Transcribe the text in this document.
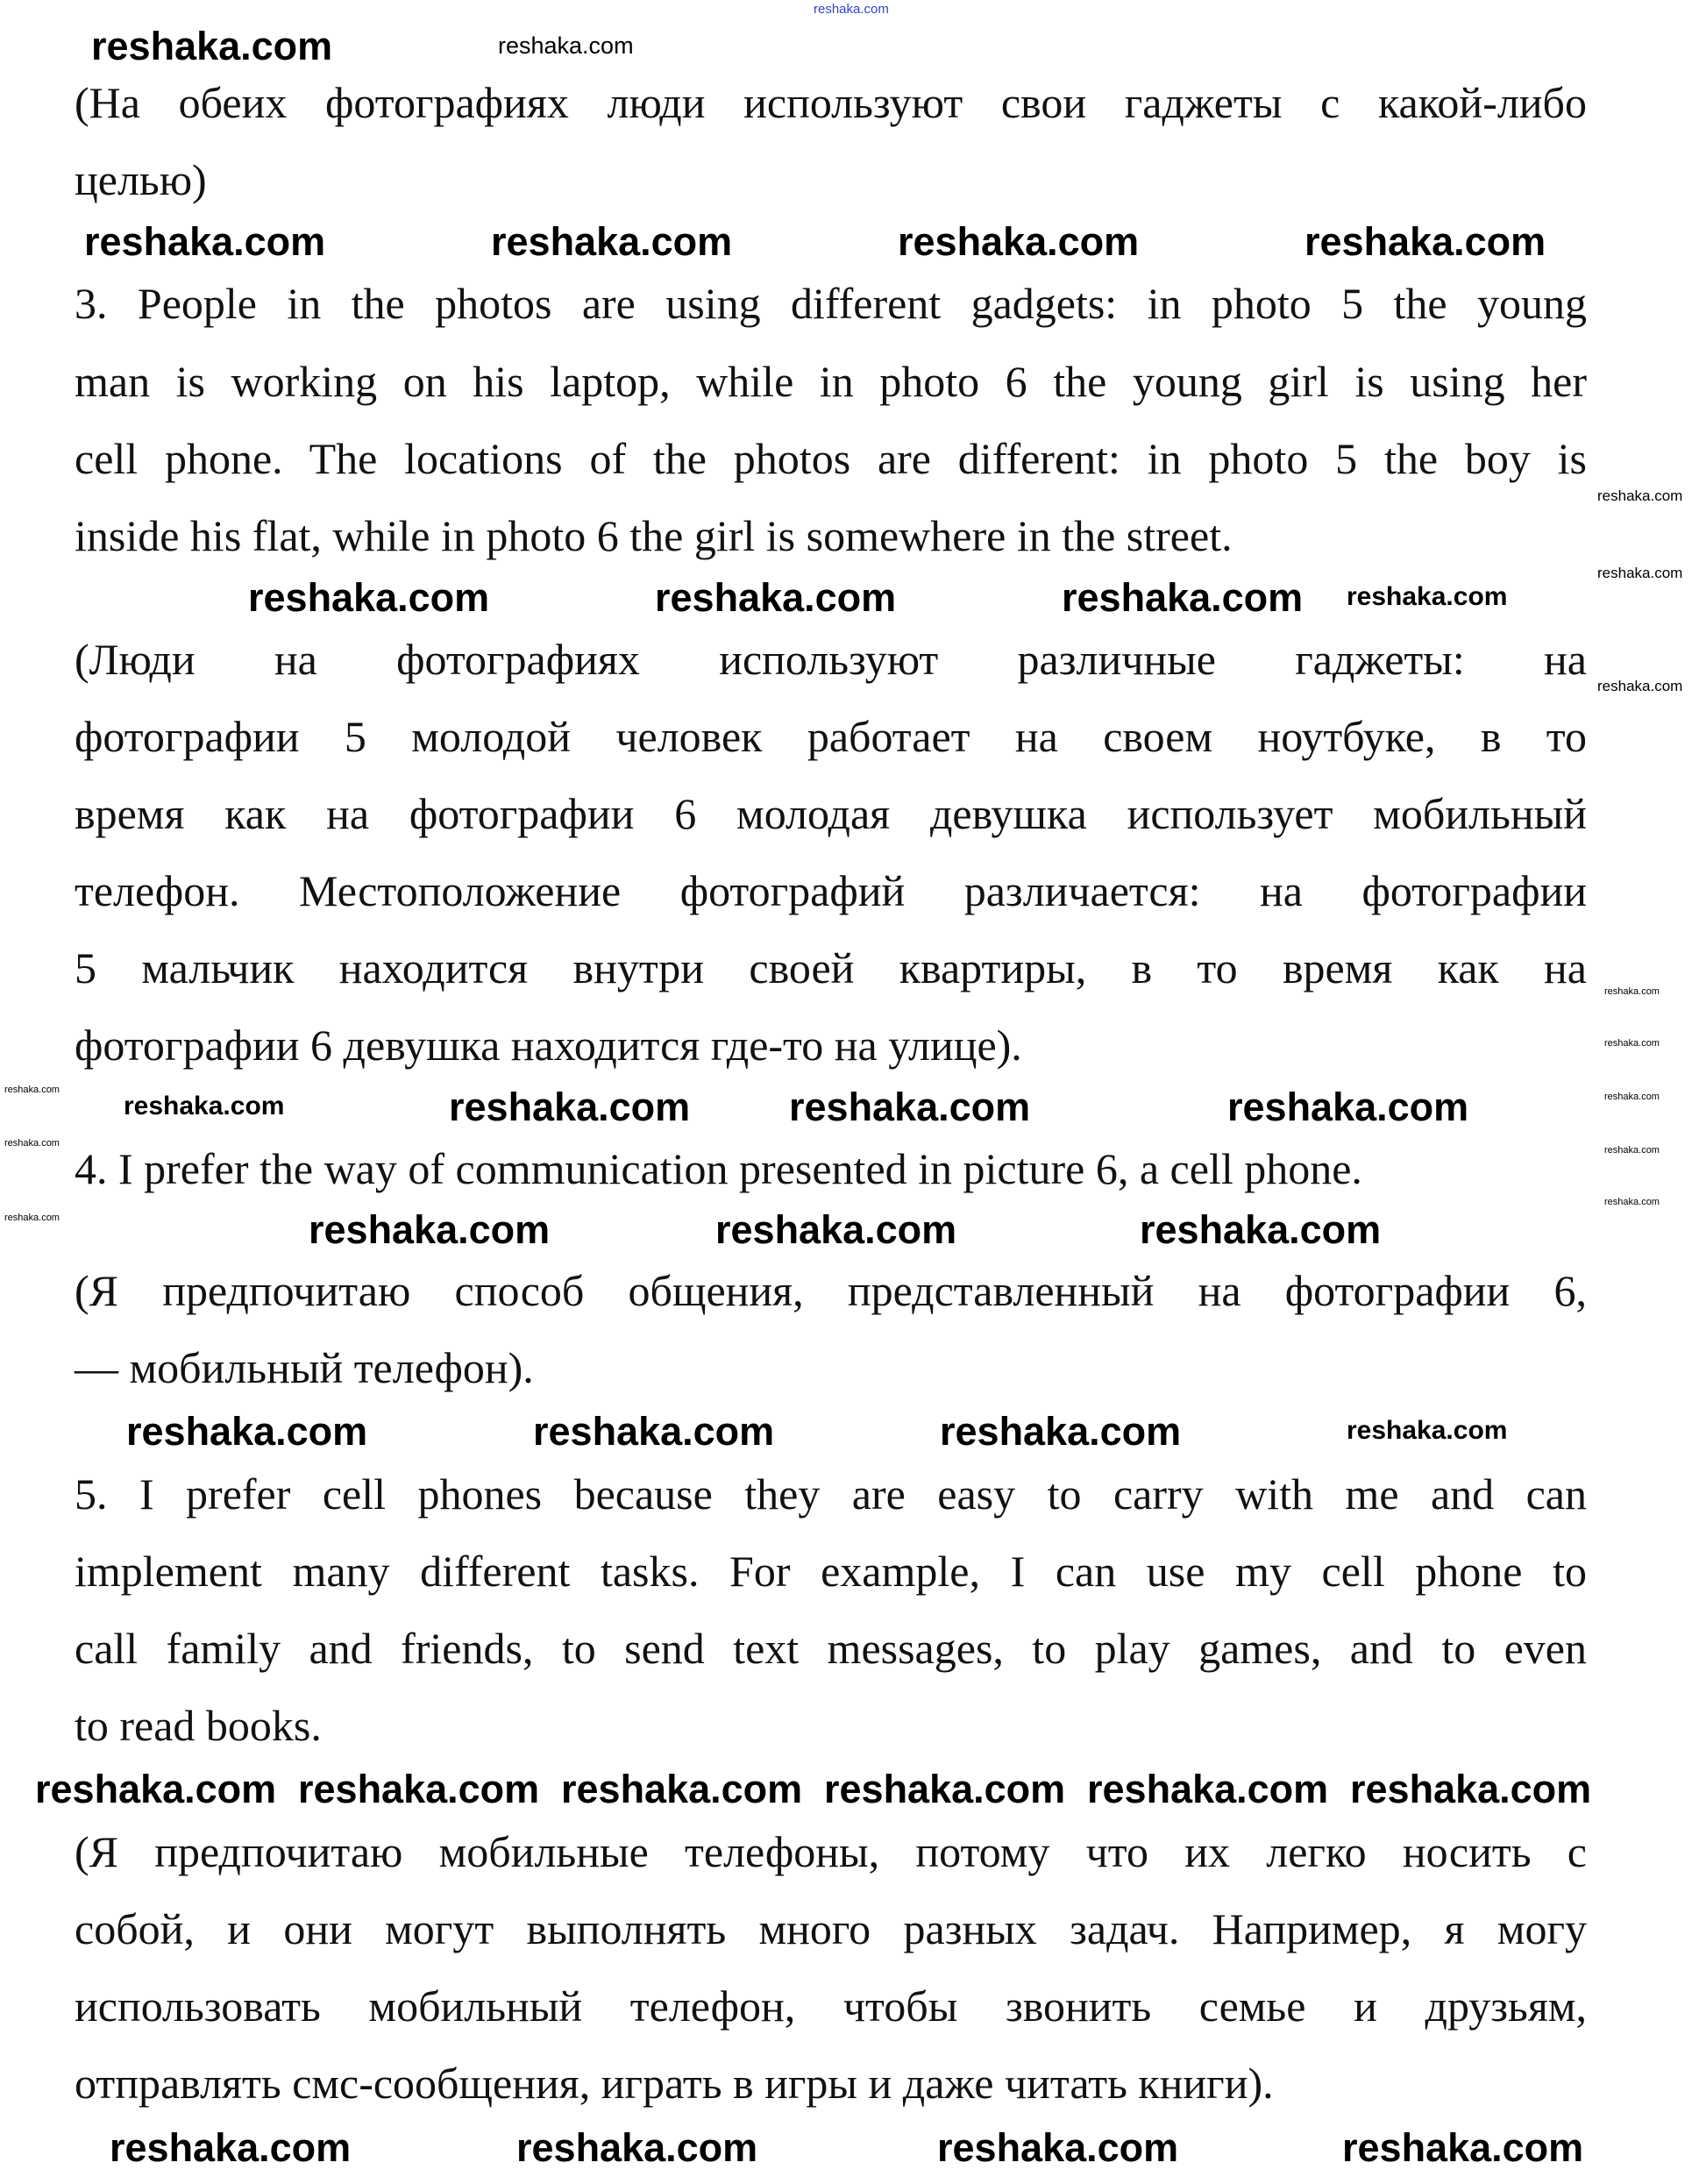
reshaka.com
(На обеих фотографиях люди используют свои гаджеты с какой-либо
целью)
3. People in the photos are using different gadgets: in photo 5 the young
man is working on his laptop, while in photo 6 the young girl is using her
cell phone. The locations of the photos are different: in photo 5 the boy is
inside his flat, while in photo 6 the girl is somewhere in the street.
(Люди на фотографиях используют различные гаджеты: на
фотографии 5 молодой человек работает на своем ноутбуке, в то
время как на фотографии 6 молодая девушка использует мобильный
телефон. Местоположение фотографий различается: на фотографии
5 мальчик находится внутри своей квартиры, в то время как на
фотографии 6 девушка находится где-то на улице).
4. I prefer the way of communication presented in picture 6, a cell phone.
(Я предпочитаю способ общения, представленный на фотографии 6,
— мобильный телефон).
5. I prefer cell phones because they are easy to carry with me and can
implement many different tasks. For example, I can use my cell phone to
call family and friends, to send text messages, to play games, and to even
to read books.
(Я предпочитаю мобильные телефоны, потому что их легко носить с
собой, и они могут выполнять много разных задач. Например, я могу
использовать мобильный телефон, чтобы звонить семье и друзьям,
отправлять смс-сообщения, играть в игры и даже читать книги).
reshaka.com	reshaka.com
reshaka.com	reshaka.com
reshaka.com
reshaka.com
reshaka.com
reshaka.com
reshaka.com	reshaka.com	reshaka.com
reshaka.com
reshaka.com
reshaka.com	reshaka.com
reshaka.com
reshaka.com
reshaka.com
reshaka.com
reshaka.com
reshaka.com	reshaka.com
reshaka.com
reshaka.com
reshaka.com
reshaka.com
reshaka.com
reshaka.com	reshaka.com	reshaka.com
reshaka.com
reshaka.com
reshaka.com reshaka.com	reshaka.com
reshaka.com
reshaka.com reshaka.com
reshaka.com
reshaka.com	reshaka.com	reshaka.com
